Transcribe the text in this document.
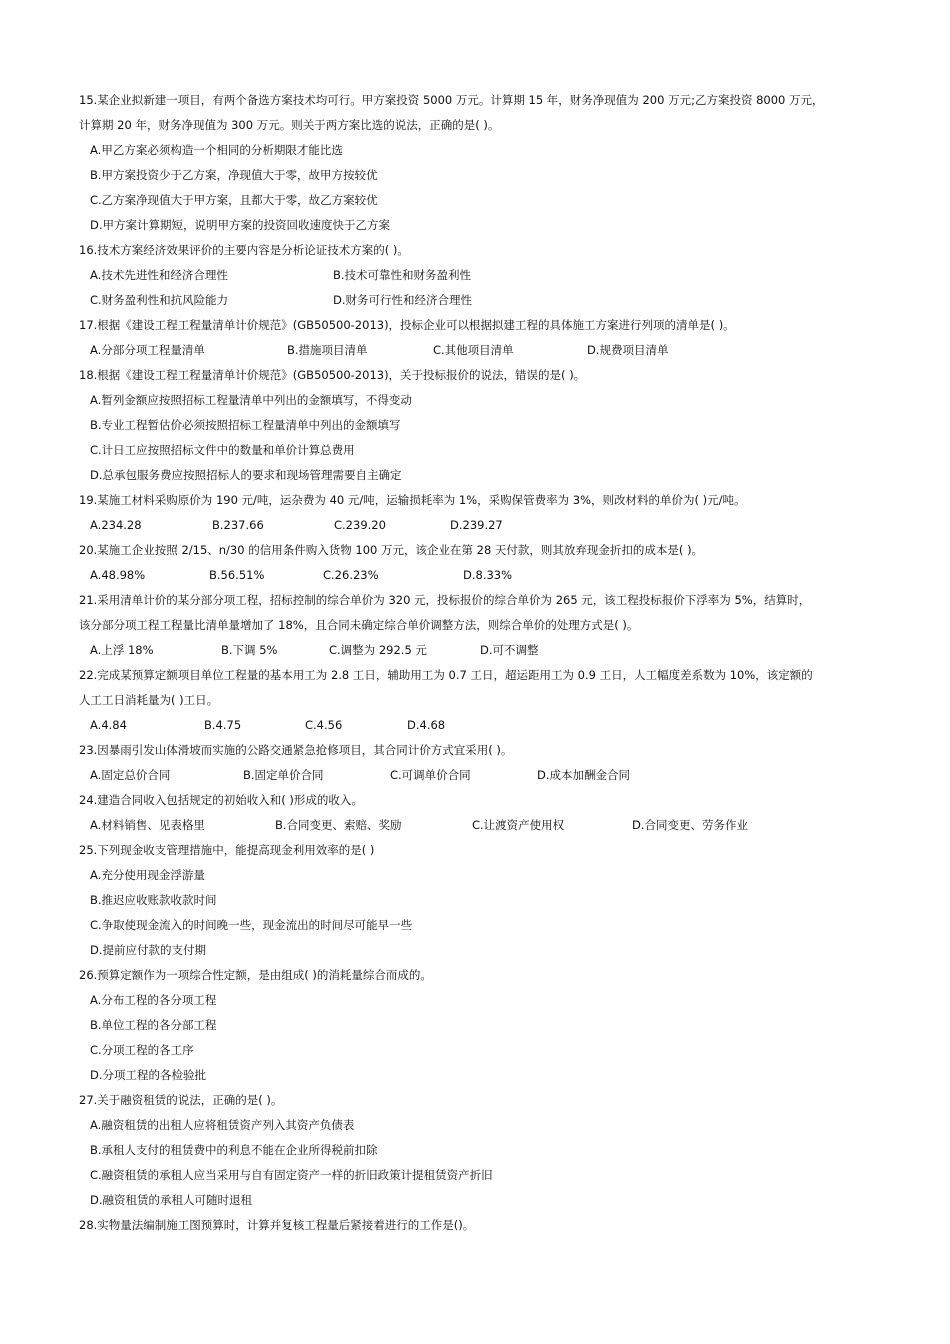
15.某企业拟新建一项目，有两个备选方案技术均可行。甲方案投资 5000 万元。计算期 15 年，财务净现值为 200 万元;乙方案投资 8000 万元，
计算期 20 年，财务净现值为 300 万元。则关于两方案比选的说法，正确的是( )。
A.甲乙方案必须构造一个相同的分析期限才能比选
B.甲方案投资少于乙方案，净现值大于零，故甲方按较优
C.乙方案净现值大于甲方案，且都大于零，故乙方案较优
D.甲方案计算期短，说明甲方案的投资回收速度快于乙方案
16.技术方案经济效果评价的主要内容是分析论证技术方案的( )。
A.技术先进性和经济合理性	B.技术可靠性和财务盈利性
C.财务盈利性和抗风险能力	D.财务可行性和经济合理性
17.根据《建设工程工程量清单计价规范》(GB50500-2013)，投标企业可以根据拟建工程的具体施工方案进行列项的清单是( )。
A.分部分项工程量清单	B.措施项目清单	C.其他项目清单	D.规费项目清单
18.根据《建设工程工程量清单计价规范》(GB50500-2013)，关于投标报价的说法，错误的是( )。
A.暂列金额应按照招标工程量清单中列出的金额填写，不得变动
B.专业工程暂估价必须按照招标工程量清单中列出的金额填写
C.计日工应按照招标文件中的数量和单价计算总费用
D.总承包服务费应按照招标人的要求和现场管理需要自主确定
19.某施工材料采购原价为 190 元/吨，运杂费为 40 元/吨，运输损耗率为 1%，采购保管费率为 3%，则改材料的单价为( )元/吨。
A.234.28	B.237.66	C.239.20	D.239.27
20.某施工企业按照 2/15、n/30 的信用条件购入货物 100 万元，该企业在第 28 天付款，则其放弃现金折扣的成本是( )。
A.48.98%	B.56.51%	C.26.23%	D.8.33%
21.采用清单计价的某分部分项工程，招标控制的综合单价为 320 元，投标报价的综合单价为 265 元，该工程投标报价下浮率为 5%，结算时，
该分部分项工程工程量比清单量增加了 18%，且合同未确定综合单价调整方法，则综合单价的处理方式是( )。
A.上浮 18%	B.下调 5%	C.调整为 292.5 元	D.可不调整
22.完成某预算定额项目单位工程量的基本用工为 2.8 工日，辅助用工为 0.7 工日，超运距用工为 0.9 工日，人工幅度差系数为 10%，该定额的
人工工日消耗量为( )工日。
A.4.84	B.4.75	C.4.56	D.4.68
23.因暴雨引发山体滑坡而实施的公路交通紧急抢修项目，其合同计价方式宜采用( )。
A.固定总价合同	B.固定单价合同	C.可调单价合同	D.成本加酬金合同
24.建造合同收入包括规定的初始收入和( )形成的收入。
A.材料销售、见表格里	B.合同变更、索赔、奖励	C.让渡资产使用权	D.合同变更、劳务作业
25.下列现金收支管理措施中，能提高现金利用效率的是( )
A.充分使用现金浮游量
B.推迟应收账款收款时间
C.争取使现金流入的时间晚一些，现金流出的时间尽可能早一些
D.提前应付款的支付期
26.预算定额作为一项综合性定额，是由组成( )的消耗量综合而成的。
A.分布工程的各分项工程
B.单位工程的各分部工程
C.分项工程的各工序
D.分项工程的各检验批
27.关于融资租赁的说法，正确的是( )。
A.融资租赁的出租人应将租赁资产列入其资产负债表
B.承租人支付的租赁费中的利息不能在企业所得税前扣除
C.融资租赁的承租人应当采用与自有固定资产一样的折旧政策计提租赁资产折旧
D.融资租赁的承租人可随时退租
28.实物量法编制施工图预算时，计算并复核工程量后紧接着进行的工作是()。
